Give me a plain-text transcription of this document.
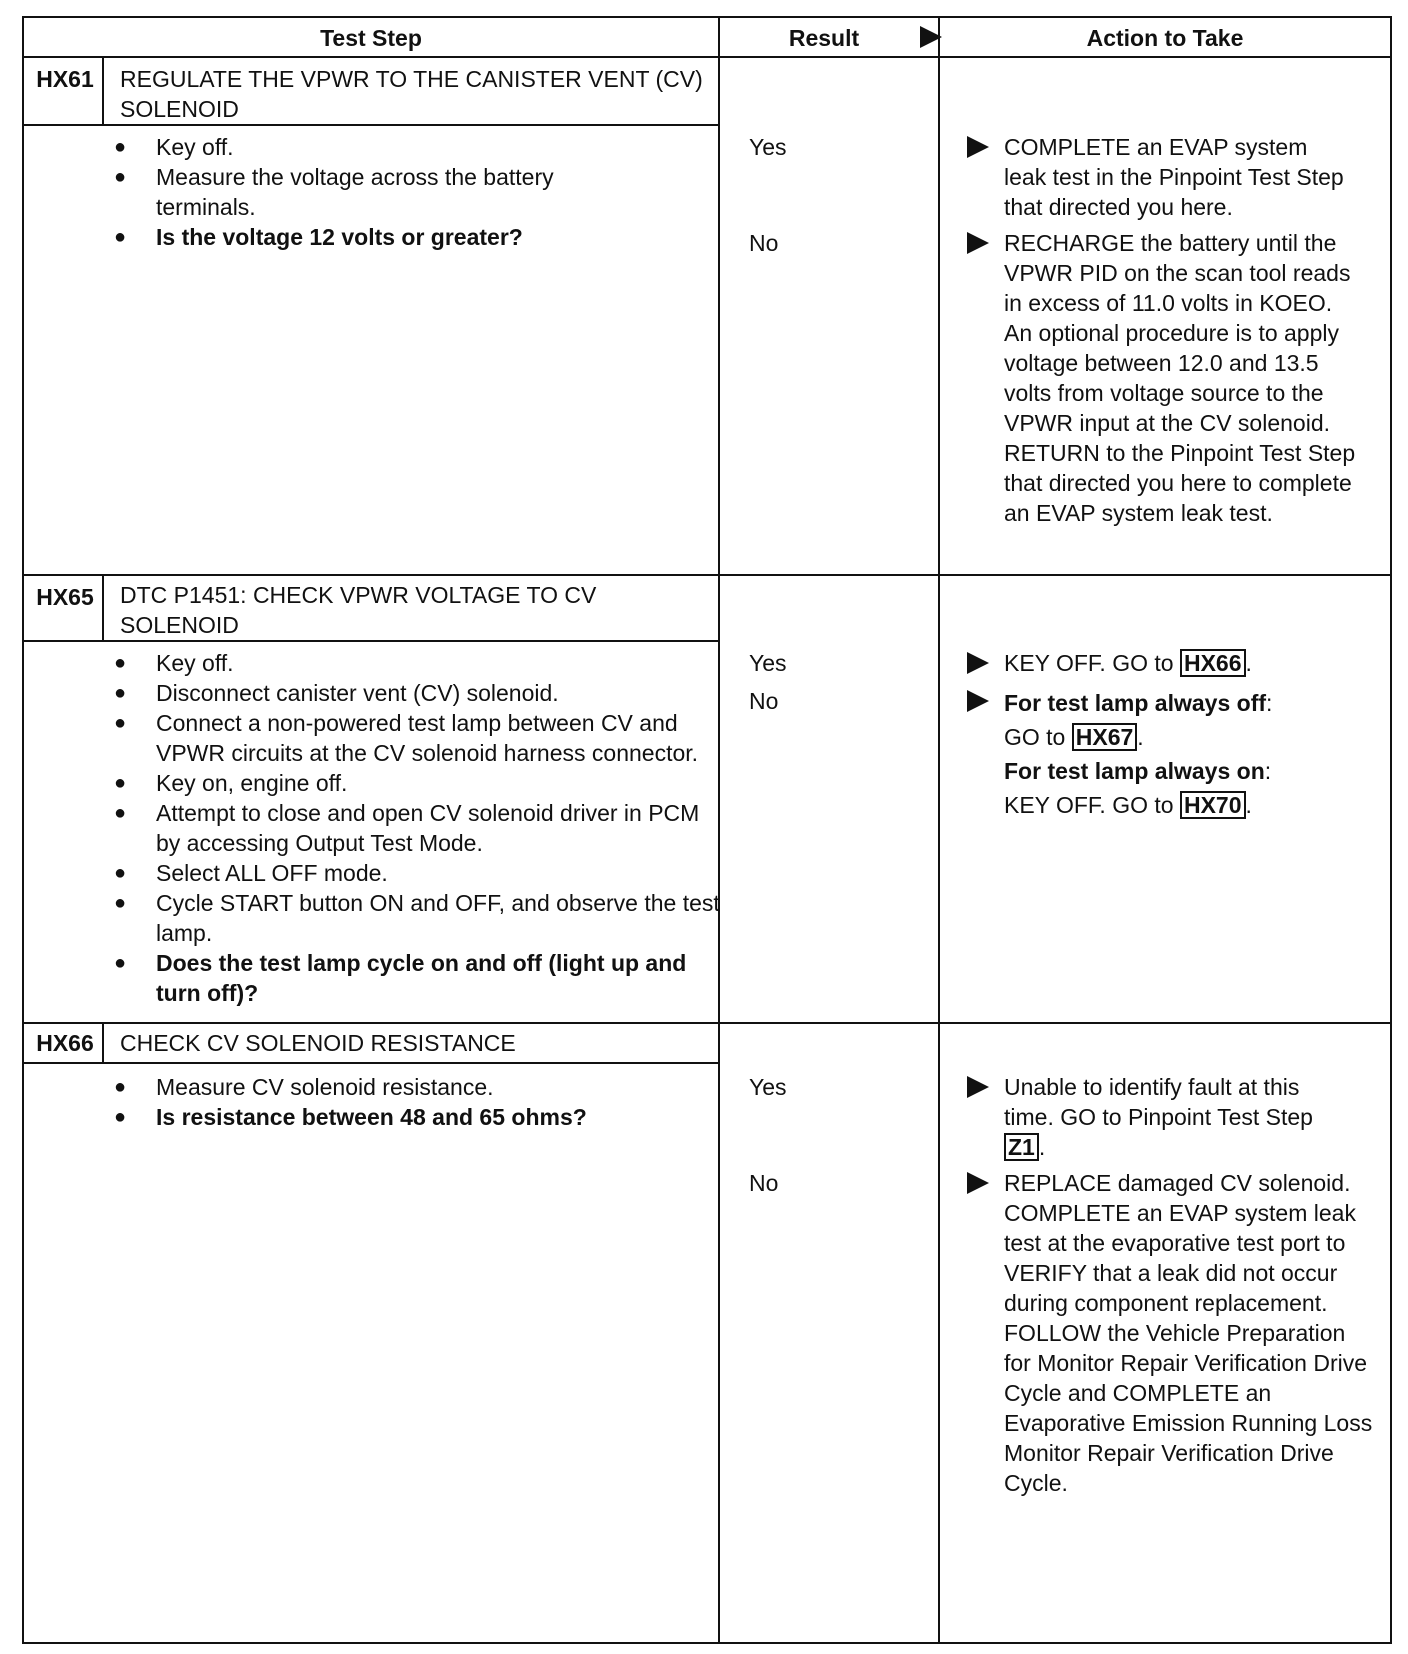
Test Step	Result	Action to Take
HX61	REGULATE THE VPWR TO THE CANISTER VENT (CV) SOLENOID
● Key off.
● Measure the voltage across the battery terminals.
● Is the voltage 12 volts or greater?
Yes	COMPLETE an EVAP system leak test in the Pinpoint Test Step that directed you here.
No	RECHARGE the battery until the VPWR PID on the scan tool reads in excess of 11.0 volts in KOEO. An optional procedure is to apply voltage between 12.0 and 13.5 volts from voltage source to the VPWR input at the CV solenoid. RETURN to the Pinpoint Test Step that directed you here to complete an EVAP system leak test.
HX65	DTC P1451: CHECK VPWR VOLTAGE TO CV SOLENOID
● Key off.
● Disconnect canister vent (CV) solenoid.
● Connect a non-powered test lamp between CV and VPWR circuits at the CV solenoid harness connector.
● Key on, engine off.
● Attempt to close and open CV solenoid driver in PCM by accessing Output Test Mode.
● Select ALL OFF mode.
● Cycle START button ON and OFF, and observe the test lamp.
● Does the test lamp cycle on and off (light up and turn off)?
Yes	KEY OFF. GO to HX66 .
No	For test lamp always off:
GO to HX67 .
For test lamp always on:
KEY OFF. GO to HX70 .
HX66	CHECK CV SOLENOID RESISTANCE
● Measure CV solenoid resistance.
● Is resistance between 48 and 65 ohms?
Yes	Unable to identify fault at this time. GO to Pinpoint Test Step Z1 .
No	REPLACE damaged CV solenoid. COMPLETE an EVAP system leak test at the evaporative test port to VERIFY that a leak did not occur during component replacement. FOLLOW the Vehicle Preparation for Monitor Repair Verification Drive Cycle and COMPLETE an Evaporative Emission Running Loss Monitor Repair Verification Drive Cycle.
